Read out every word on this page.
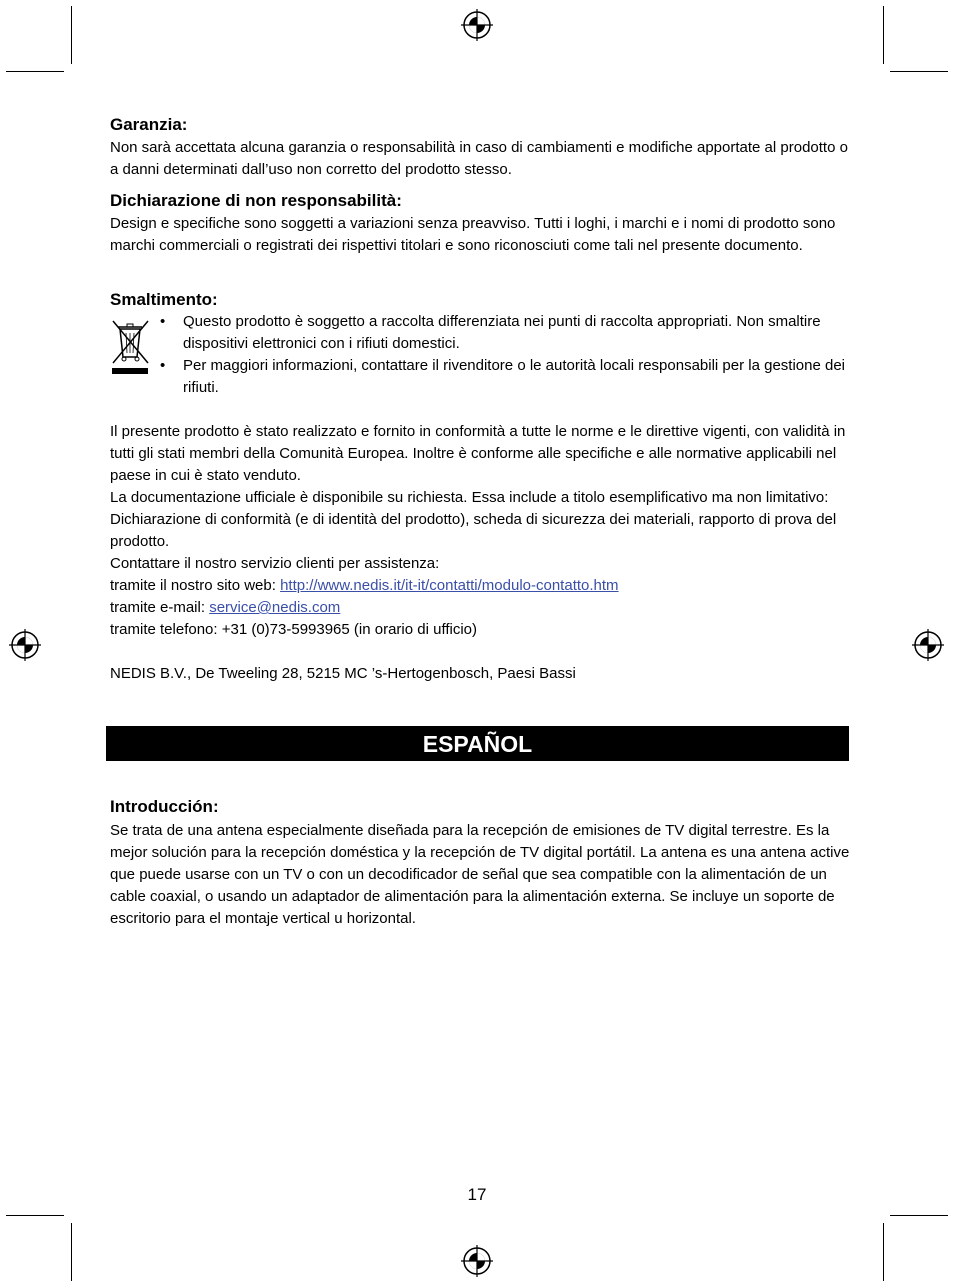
Garanzia:

Non sarà accettata alcuna garanzia o responsabilità in caso di cambiamenti e modifiche apportate al prodotto o a danni determinati dall’uso non corretto del prodotto stesso.

Dichiarazione di non responsabilità:

Design e specifiche sono soggetti a variazioni senza preavviso. Tutti i loghi, i marchi e i nomi di prodotto sono marchi commerciali o registrati dei rispettivi titolari e sono riconosciuti come tali nel presente documento.

Smaltimento:
• Questo prodotto è soggetto a raccolta differenziata nei punti di raccolta appropriati. Non smaltire dispositivi elettronici con i rifiuti domestici.
• Per maggiori informazioni, contattare il rivenditore o le autorità locali responsabili per la gestione dei rifiuti.

Il presente prodotto è stato realizzato e fornito in conformità a tutte le norme e le direttive vigenti, con validità in tutti gli stati membri della Comunità Europea. Inoltre è conforme alle specifiche e alle normative applicabili nel paese in cui è stato venduto.

La documentazione ufficiale è disponibile su richiesta. Essa include a titolo esemplificativo ma non limitativo: Dichiarazione di conformità (e di identità del prodotto), scheda di sicurezza dei materiali, rapporto di prova del prodotto.

Contattare il nostro servizio clienti per assistenza:

tramite il nostro sito web: http://www.nedis.it/it-it/contatti/modulo-contatto.htm

tramite e-mail: service@nedis.com

tramite telefono: +31 (0)73-5993965 (in orario di ufficio)

NEDIS B.V., De Tweeling 28, 5215 MC ’s-Hertogenbosch, Paesi Bassi

ESPAÑOL
Introducción:

Se trata de una antena especialmente diseñada para la recepción de emisiones de TV digital terrestre. Es la mejor solución para la recepción doméstica y la recepción de TV digital portátil. La antena es una antena active que puede usarse con un TV o con un decodificador de señal que sea compatible con la alimentación de un cable coaxial, o usando un adaptador de alimentación para la alimentación externa. Se incluye un soporte de escritorio para el montaje vertical u horizontal.

17
